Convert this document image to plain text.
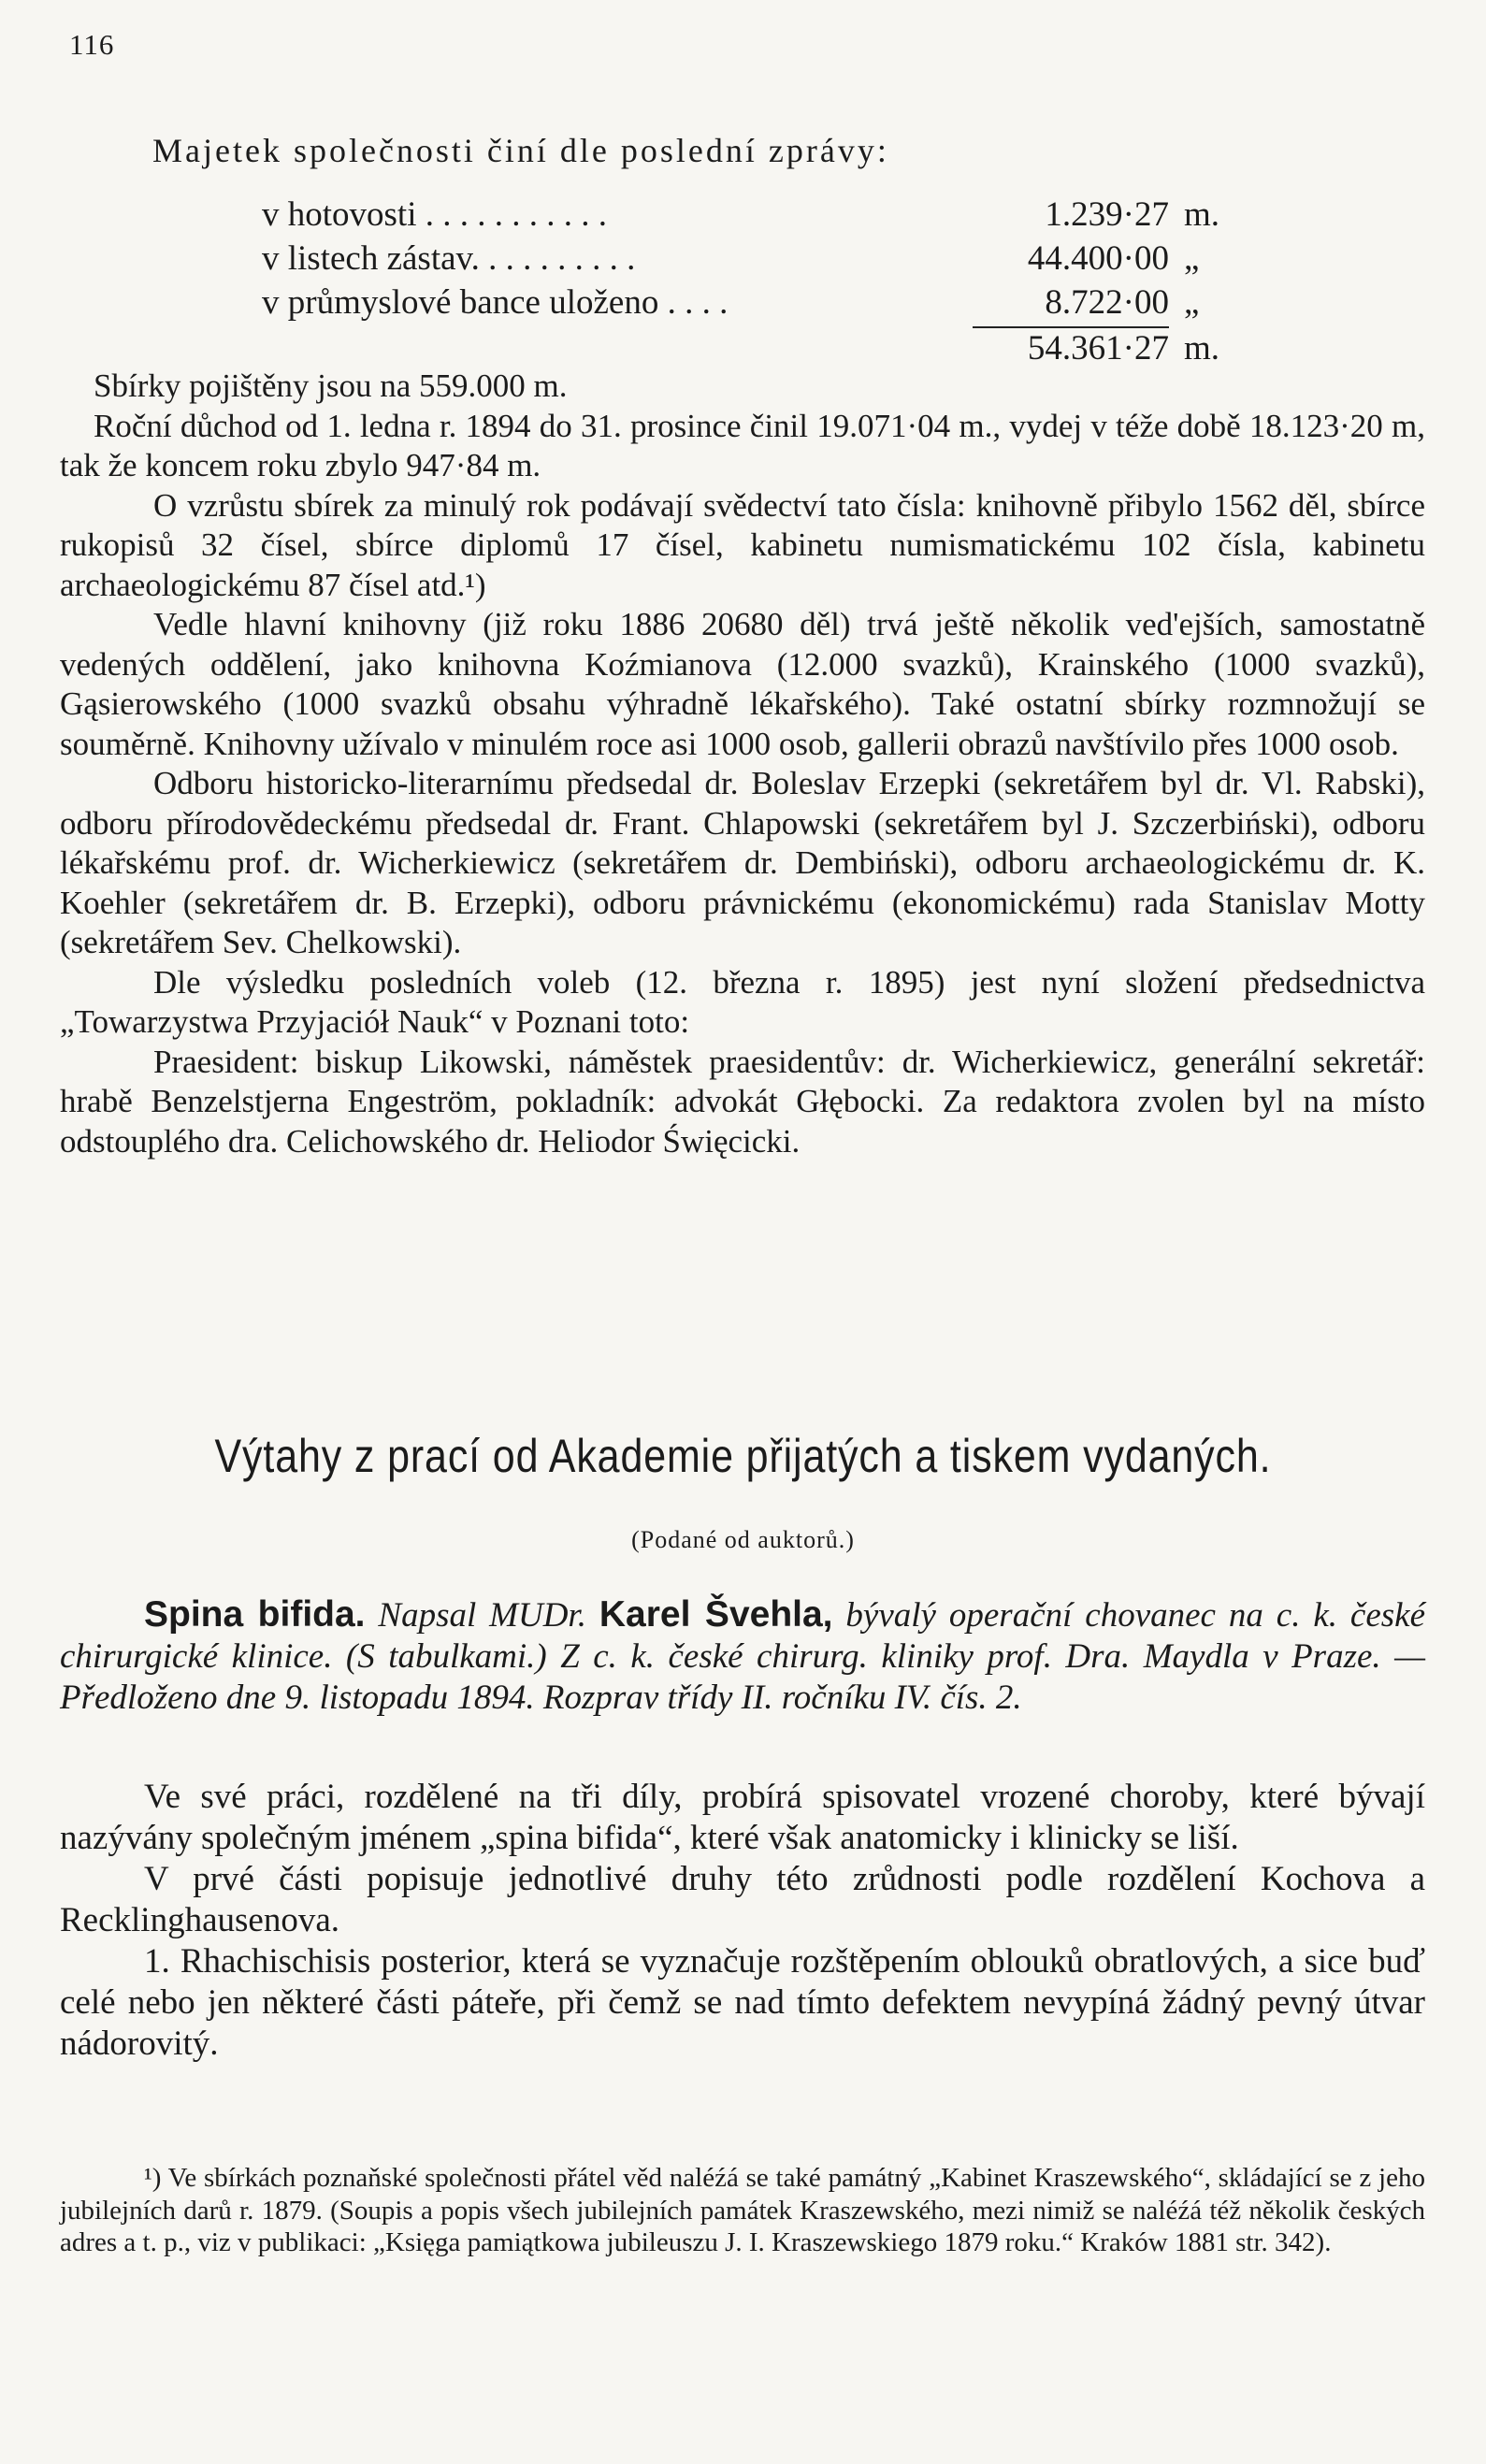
116
Majetek společnosti činí dle poslední zprávy:
v hotovosti . . . . . . . . . . .	1.239·27	m.
v listech zástav. . . . . . . . . .	44.400·00	„
v průmyslové bance uloženo . . . .	8.722·00	„
	54.361·27	m.

Sbírky pojištěny jsou na 559.000 m.

Roční důchod od 1. ledna r. 1894 do 31. prosince činil 19.071·04 m., vydej v téže době 18.123·20 m, tak že koncem roku zbylo 947·84 m.

O vzrůstu sbírek za minulý rok podávají svědectví tato čísla: knihovně přibylo 1562 děl, sbírce rukopisů 32 čísel, sbírce diplomů 17 čísel, kabinetu numismatickému 102 čísla, kabinetu archaeologickému 87 čísel atd.¹)

Vedle hlavní knihovny (již roku 1886 20680 děl) trvá ještě několik ved'ejších, samostatně vedených oddělení, jako knihovna Koźmianova (12.000 svazků), Krainského (1000 svazků), Gąsierowského (1000 svazků obsahu výhradně lékařského). Také ostatní sbírky rozmnožují se souměrně. Knihovny užívalo v minulém roce asi 1000 osob, gallerii obrazů navštívilo přes 1000 osob.

Odboru historicko-literarnímu předsedal dr. Boleslav Erzepki (sekretářem byl dr. Vl. Rabski), odboru přírodovědeckému předsedal dr. Frant. Chlapowski (sekretářem byl J. Szczerbiński), odboru lékařskému prof. dr. Wicherkiewicz (sekretářem dr. Dembiński), odboru archaeologickému dr. K. Koehler (sekretářem dr. B. Erzepki), odboru právnickému (ekonomickému) rada Stanislav Motty (sekretářem Sev. Chelkowski).

Dle výsledku posledních voleb (12. března r. 1895) jest nyní složení předsednictva „Towarzystwa Przyjaciół Nauk“ v Poznani toto:

Praesident: biskup Likowski, náměstek praesidentův: dr. Wicherkiewicz, generální sekretář: hrabě Benzelstjerna Engeström, pokladník: advokát Głębocki. Za redaktora zvolen byl na místo odstouplého dra. Celichowského dr. Heliodor Święcicki.

Výtahy z prací od Akademie přijatých a tiskem vydaných.
(Podané od auktorů.)

Spina bifida. Napsal MUDr. Karel Švehla, bývalý operační chovanec na c. k. české chirurgické klinice. (S tabulkami.) Z c. k. české chirurg. kliniky prof. Dra. Maydla v Praze. — Předloženo dne 9. listopadu 1894. Rozprav třídy II. ročníku IV. čís. 2.

Ve své práci, rozdělené na tři díly, probírá spisovatel vrozené choroby, které bývají nazývány společným jménem „spina bifida“, které však anatomicky i klinicky se liší.

V prvé části popisuje jednotlivé druhy této zrůdnosti podle rozdělení Kochova a Recklinghausenova.

1. Rhachischisis posterior, která se vyznačuje rozštěpením oblouků obratlových, a sice buď celé nebo jen některé části páteře, při čemž se nad tímto defektem nevypíná žádný pevný útvar nádorovitý.

¹) Ve sbírkách poznaňské společnosti přátel věd naléźá se také památný „Kabinet Kraszewského“, skládající se z jeho jubilejních darů r. 1879. (Soupis a popis všech jubilejních památek Kraszewského, mezi nimiž se naléźá též několik českých adres a t. p., viz v publikaci: „Księga pamiątkowa jubileuszu J. I. Kraszewskiego 1879 roku.“ Kraków 1881 str. 342).
